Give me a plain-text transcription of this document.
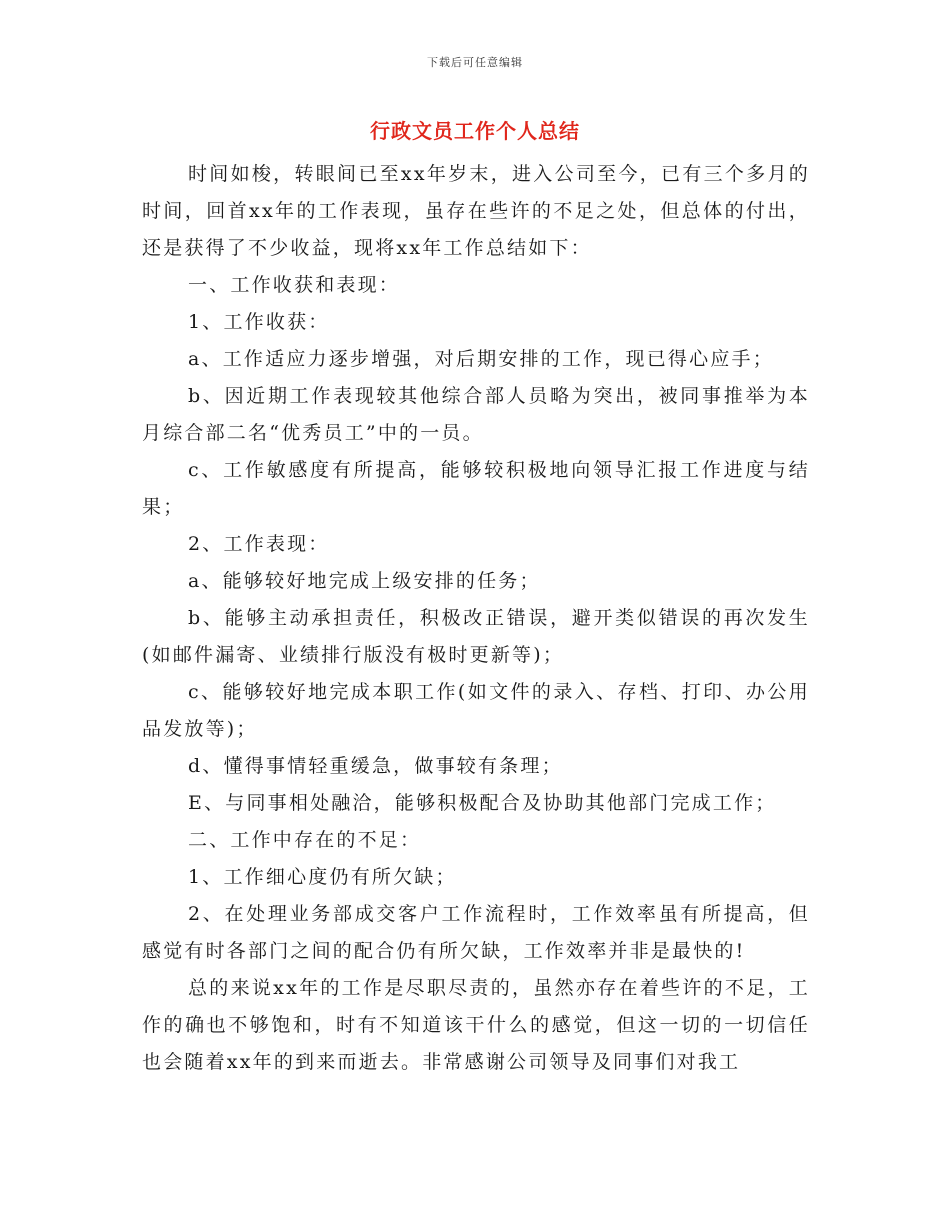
下载后可任意编辑
行政文员工作个人总结

时间如梭，转眼间已至xx年岁末，进入公司至今，已有三个多月的时间，回首xx年的工作表现，虽存在些许的不足之处，但总体的付出，还是获得了不少收益，现将xx年工作总结如下：

一、工作收获和表现：

1、工作收获：

a、工作适应力逐步增强，对后期安排的工作，现已得心应手；

b、因近期工作表现较其他综合部人员略为突出，被同事推举为本月综合部二名“优秀员工”中的一员。

c、工作敏感度有所提高，能够较积极地向领导汇报工作进度与结果；

2、工作表现：

a、能够较好地完成上级安排的任务；

b、能够主动承担责任，积极改正错误，避开类似错误的再次发生(如邮件漏寄、业绩排行版没有极时更新等)；

c、能够较好地完成本职工作(如文件的录入、存档、打印、办公用品发放等)；

d、懂得事情轻重缓急，做事较有条理；

E、与同事相处融洽，能够积极配合及协助其他部门完成工作；

二、工作中存在的不足：

1、工作细心度仍有所欠缺；

2、在处理业务部成交客户工作流程时，工作效率虽有所提高，但感觉有时各部门之间的配合仍有所欠缺，工作效率并非是最快的!

总的来说xx年的工作是尽职尽责的，虽然亦存在着些许的不足，工作的确也不够饱和，时有不知道该干什么的感觉，但这一切的一切信任也会随着xx年的到来而逝去。非常感谢公司领导及同事们对我工
